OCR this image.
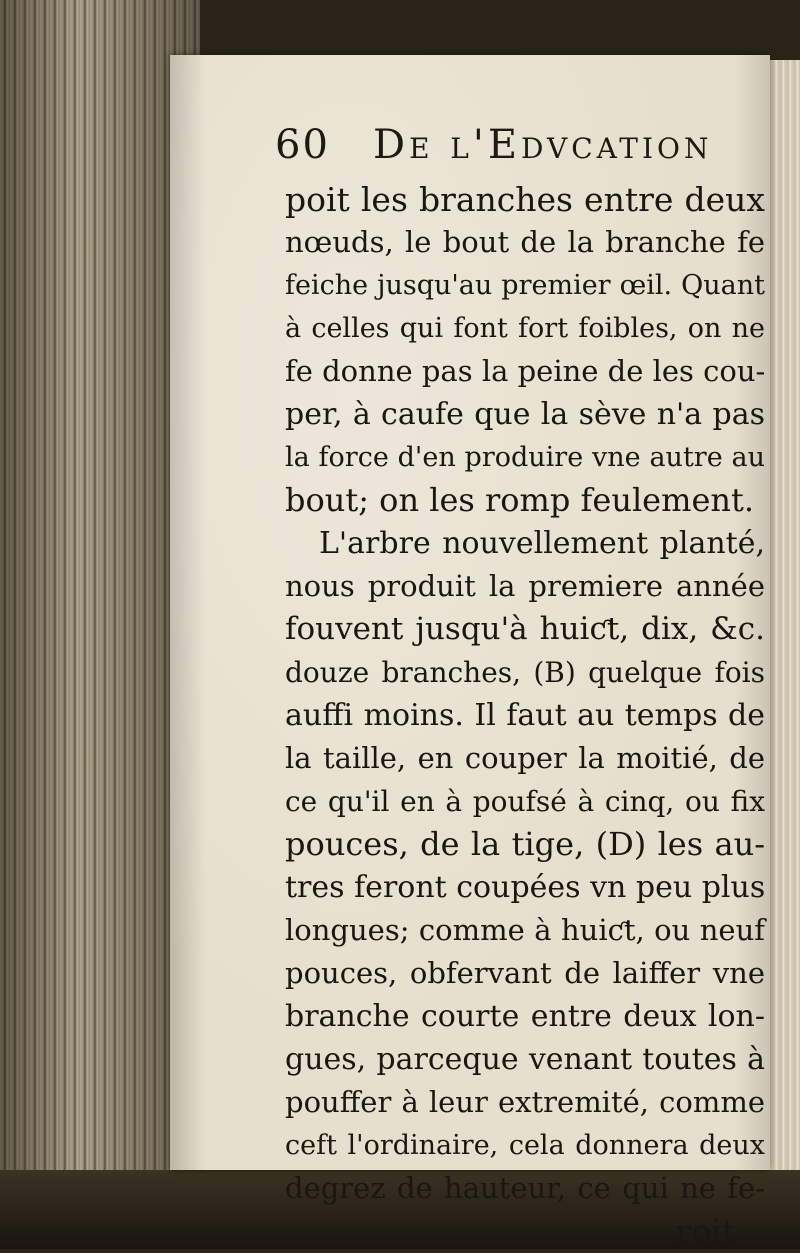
60 De l'Edvcation
poit les branches entre deux
nœuds, le bout de la branche fe
feiche jusqu'au premier œil. Quant
à celles qui font fort foibles, on ne
fe donne pas la peine de les cou-
per, à caufe que la sève n'a pas
la force d'en produire vne autre au
bout; on les romp feulement.
L'arbre nouvellement planté,
nous produit la premiere année
fouvent jusqu'à huiƈt, dix, &c.
douze branches, (B) quelque fois
auffi moins. Il faut au temps de
la taille, en couper la moitié, de
ce qu'il en à poufsé à cinq, ou fix
pouces, de la tige, (D) les au-
tres feront coupées vn peu plus
longues; comme à huiƈt, ou neuf
pouces, obfervant de laiffer vne
branche courte entre deux lon-
gues, parceque venant toutes à
pouffer à leur extremité, comme
ceft l'ordinaire, cela donnera deux
degrez de hauteur, ce qui ne fe-
roit
